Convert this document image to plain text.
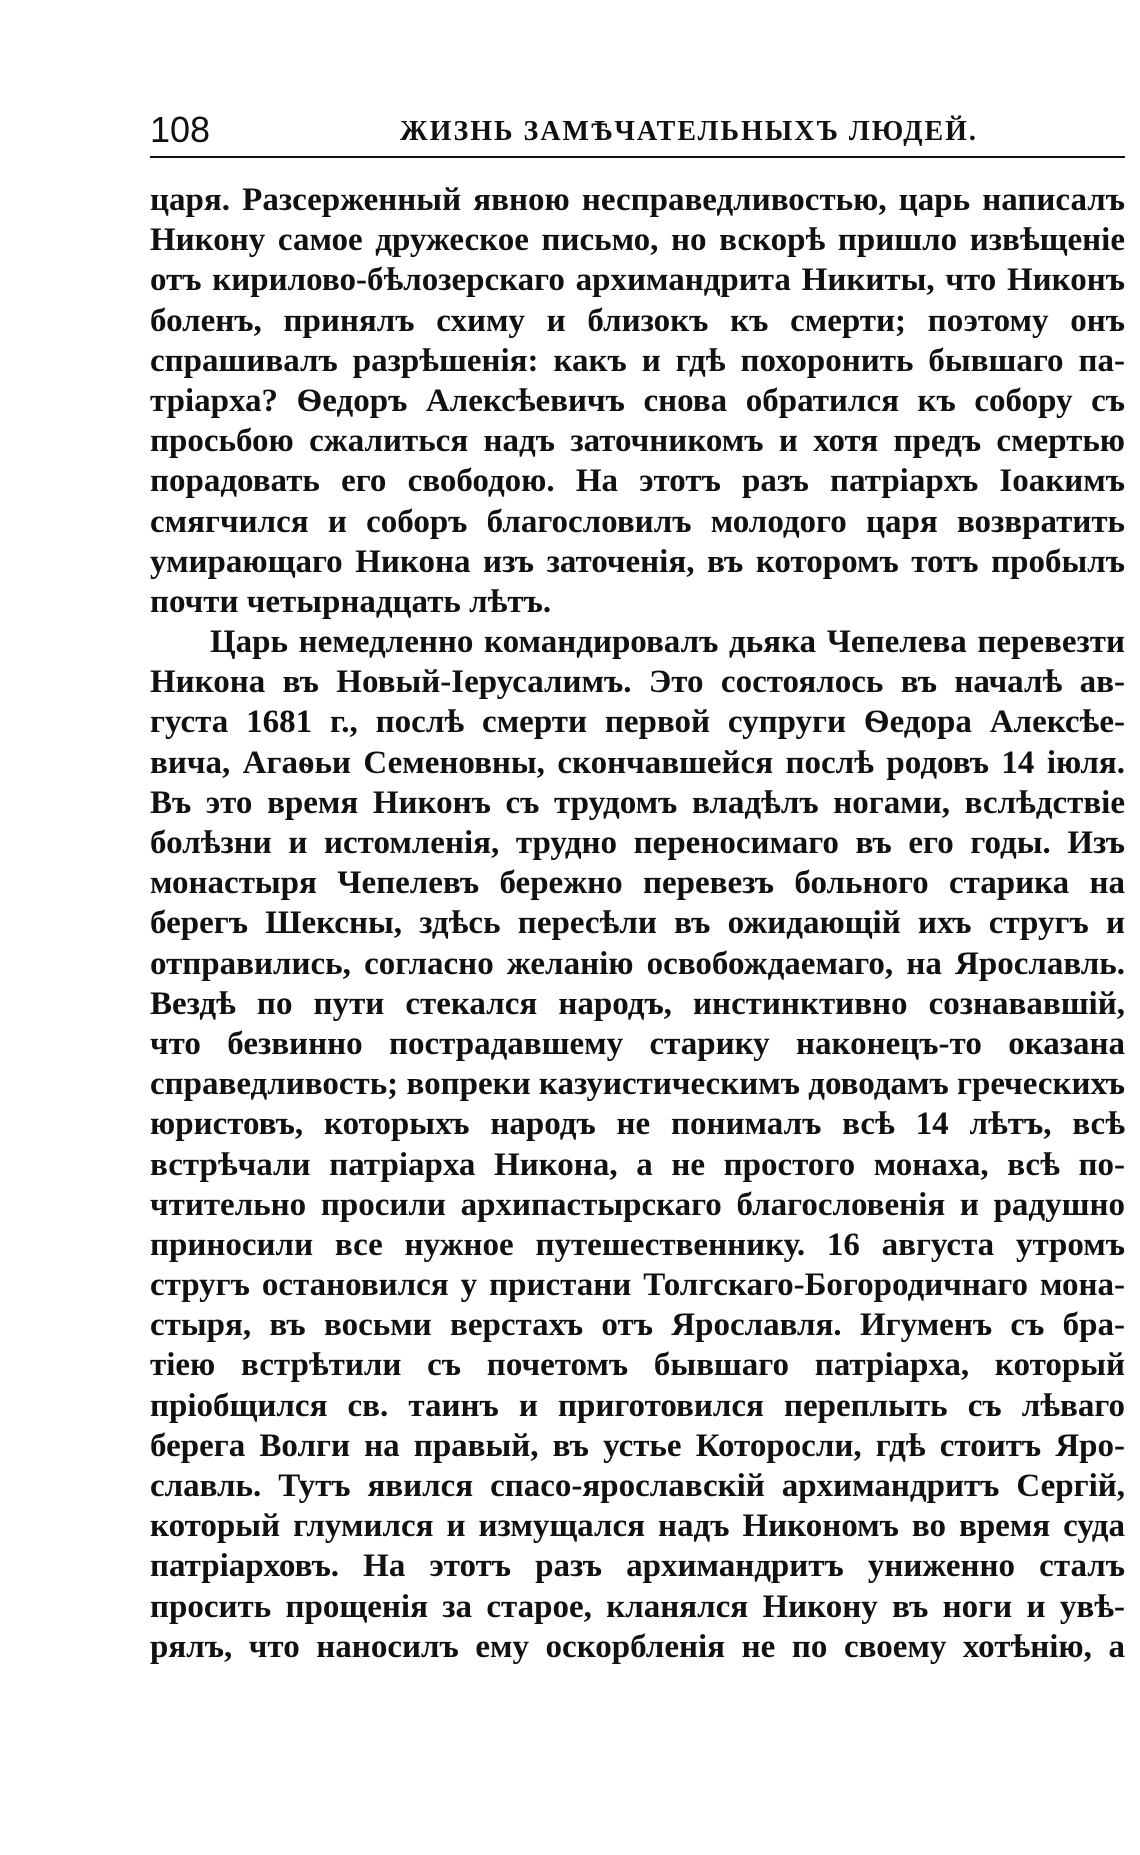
108	ЖИЗНЬ ЗАМѢЧАТЕЛЬНЫХЪ ЛЮДЕЙ.
царя. Разсерженный явною несправедливостью, царь написалъ
Никону самое дружеское письмо, но вскорѣ пришло извѣщеніе
отъ кирилово-бѣлозерскаго архимандрита Никиты, что Никонъ
боленъ, принялъ схиму и близокъ къ смерти; поэтому онъ
спрашивалъ разрѣшенія: какъ и гдѣ похоронить бывшаго па-
тріарха? Ѳедоръ Алексѣевичъ снова обратился къ собору съ
просьбою сжалиться надъ заточникомъ и хотя предъ смертью
порадовать его свободою. На этотъ разъ патріархъ Іоакимъ
смягчился и соборъ благословилъ молодого царя возвратить
умирающаго Никона изъ заточенія, въ которомъ тотъ пробылъ
почти четырнадцать лѣтъ.
Царь немедленно командировалъ дьяка Чепелева перевезти
Никона въ Новый-Іерусалимъ. Это состоялось въ началѣ ав-
густа 1681 г., послѣ смерти первой супруги Ѳедора Алексѣе-
вича, Агаѳьи Семеновны, скончавшейся послѣ родовъ 14 іюля.
Въ это время Никонъ съ трудомъ владѣлъ ногами, вслѣдствіе
болѣзни и истомленія, трудно переносимаго въ его годы. Изъ
монастыря Чепелевъ бережно перевезъ больного старика на
берегъ Шексны, здѣсь пересѣли въ ожидающій ихъ стругъ и
отправились, согласно желанію освобождаемаго, на Ярославль.
Вездѣ по пути стекался народъ, инстинктивно сознававшій,
что безвинно пострадавшему старику наконецъ-то оказана
справедливость; вопреки казуистическимъ доводамъ греческихъ
юристовъ, которыхъ народъ не понималъ всѣ 14 лѣтъ, всѣ
встрѣчали патріарха Никона, а не простого монаха, всѣ по-
чтительно просили архипастырскаго благословенія и радушно
приносили все нужное путешественнику. 16 августа утромъ
стругъ остановился у пристани Толгскаго-Богородичнаго мона-
стыря, въ восьми верстахъ отъ Ярославля. Игуменъ съ бра-
тіею встрѣтили съ почетомъ бывшаго патріарха, который
пріобщился св. таинъ и приготовился переплыть съ лѣваго
берега Волги на правый, въ устье Которосли, гдѣ стоитъ Яро-
славль. Тутъ явился спасо-ярославскій архимандритъ Сергій,
который глумился и измущался надъ Никономъ во время суда
патріарховъ. На этотъ разъ архимандритъ униженно сталъ
просить прощенія за старое, кланялся Никону въ ноги и увѣ-
рялъ, что наносилъ ему оскорбленія не по своему хотѣнію, а
